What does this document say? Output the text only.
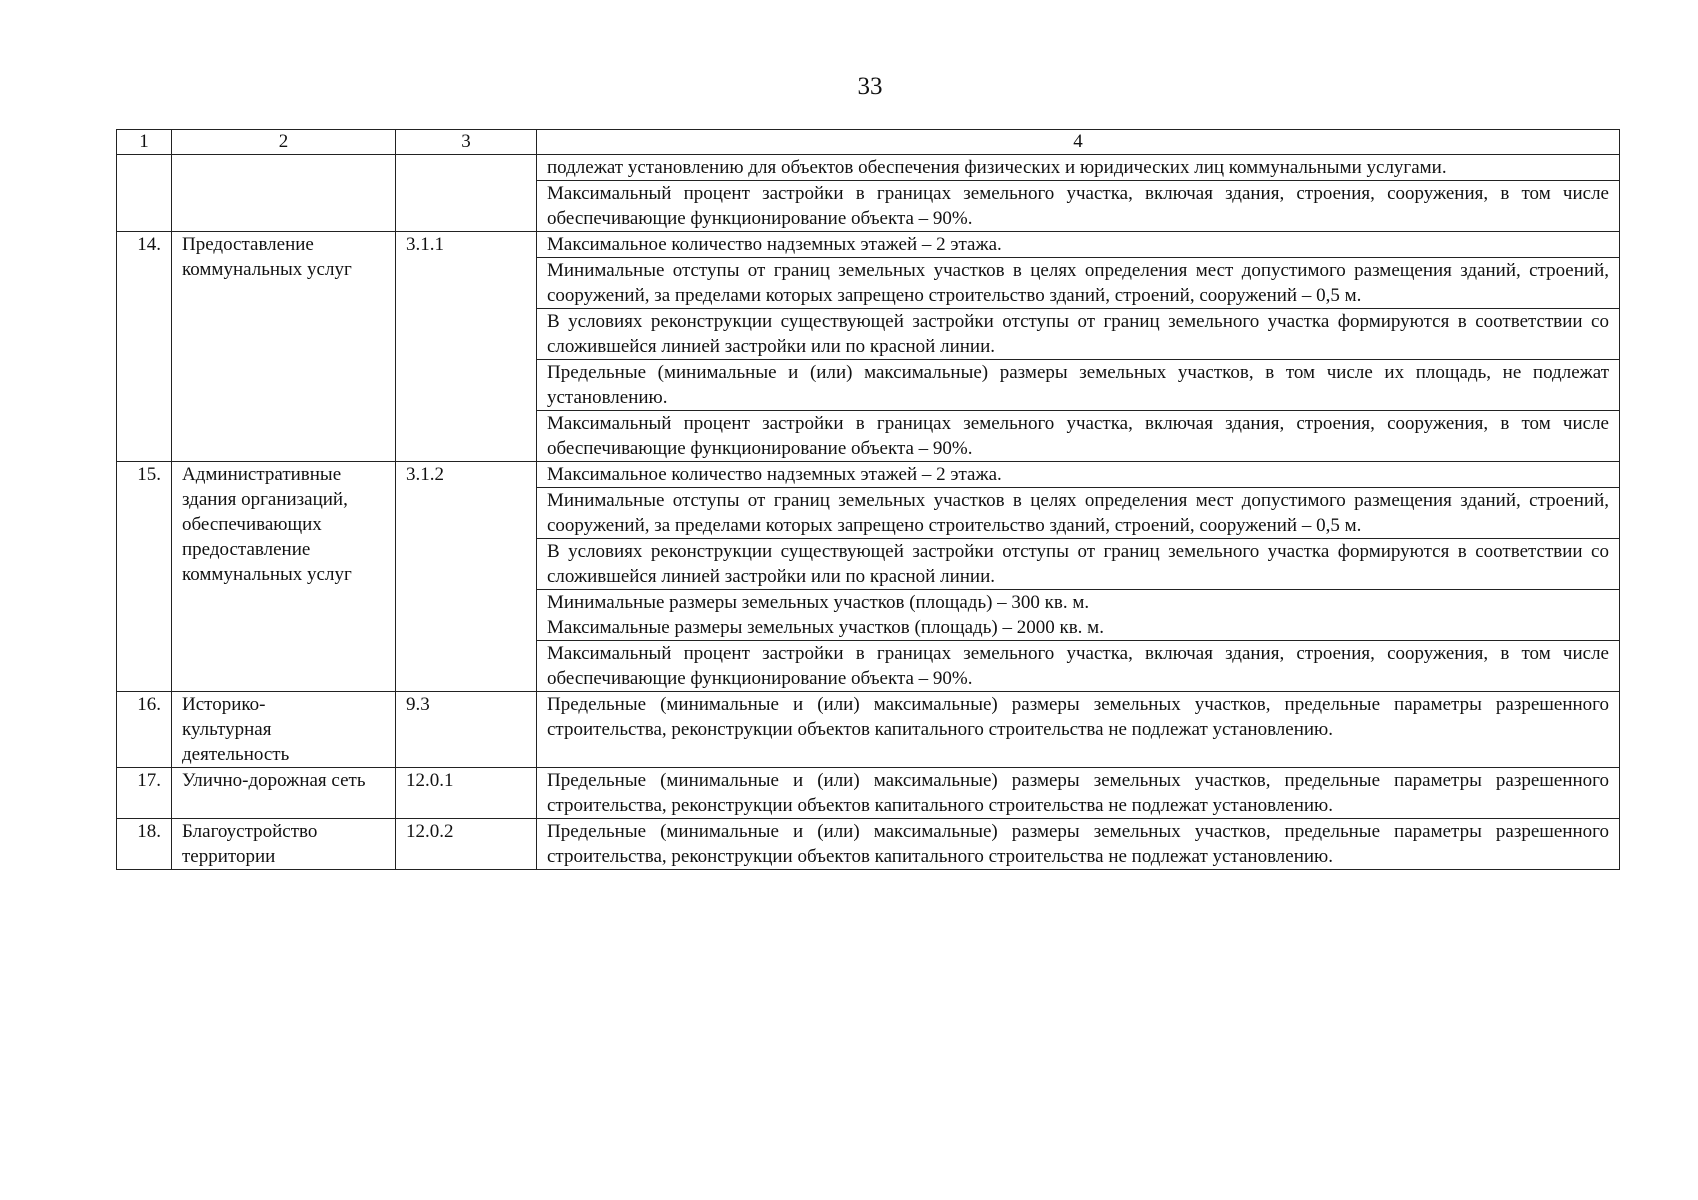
33
1	2	3	4
			подлежат установлению для объектов обеспечения физических и юридических лиц коммунальными услугами.
			Максимальный процент застройки в границах земельного участка, включая здания, строения, сооружения, в том числе обеспечивающие функционирование объекта – 90%.
14.	Предоставление коммунальных услуг	3.1.1	Максимальное количество надземных этажей – 2 этажа.
			Минимальные отступы от границ земельных участков в целях определения мест допустимого размещения зданий, строений, сооружений, за пределами которых запрещено строительство зданий, строений, сооружений – 0,5 м.
			В условиях реконструкции существующей застройки отступы от границ земельного участка формируются в соответствии со сложившейся линией застройки или по красной линии.
			Предельные (минимальные и (или) максимальные) размеры земельных участков, в том числе их площадь, не подлежат установлению.
			Максимальный процент застройки в границах земельного участка, включая здания, строения, сооружения, в том числе обеспечивающие функционирование объекта – 90%.
15.	Административные здания организаций, обеспечивающих предоставление коммунальных услуг	3.1.2	Максимальное количество надземных этажей – 2 этажа.
			Минимальные отступы от границ земельных участков в целях определения мест допустимого размещения зданий, строений, сооружений, за пределами которых запрещено строительство зданий, строений, сооружений – 0,5 м.
			В условиях реконструкции существующей застройки отступы от границ земельного участка формируются в соответствии со сложившейся линией застройки или по красной линии.

			Минимальные размеры земельных участков (площадь) – 300 кв. м.
Максимальные размеры земельных участков (площадь) – 2000 кв. м.

			Максимальный процент застройки в границах земельного участка, включая здания, строения, сооружения, в том числе обеспечивающие функционирование объекта – 90%.
16.	Историко-культурная деятельность	9.3	Предельные (минимальные и (или) максимальные) размеры земельных участков, предельные параметры разрешенного строительства, реконструкции объектов капитального строительства не подлежат установлению.
17.	Улично-дорожная сеть	12.0.1	Предельные (минимальные и (или) максимальные) размеры земельных участков, предельные параметры разрешенного строительства, реконструкции объектов капитального строительства не подлежат установлению.
18.	Благоустройство территории	12.0.2	Предельные (минимальные и (или) максимальные) размеры земельных участков, предельные параметры разрешенного строительства, реконструкции объектов капитального строительства не подлежат установлению.
